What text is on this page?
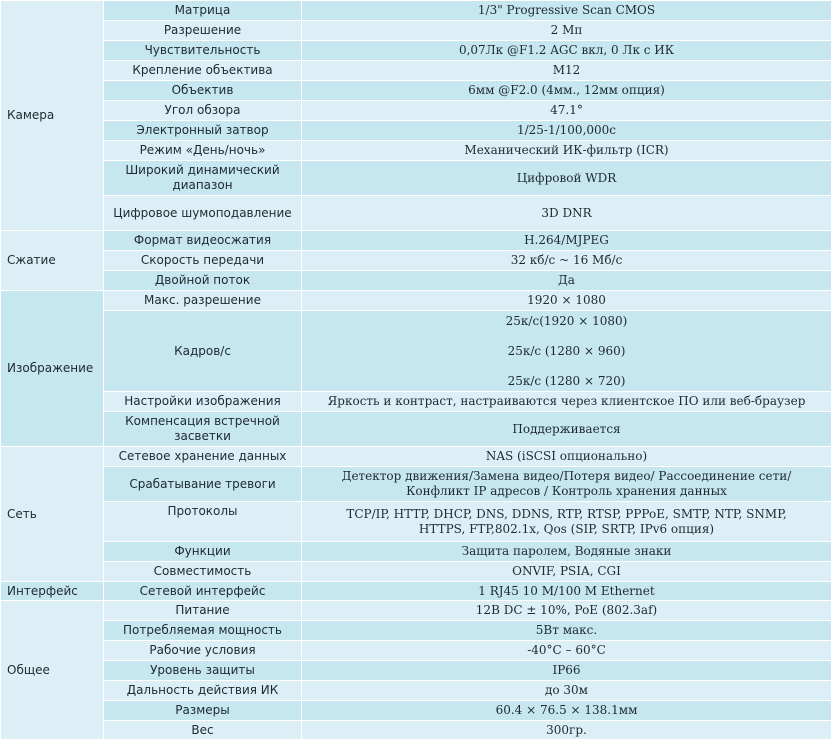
Камера	Матрица	1/3" Progressive Scan CMOS
	Разрешение	2 Мп
	Чувствительность	0,07Лк @F1.2 AGC вкл, 0 Лк с ИК
	Крепление объектива	M12
	Объектив	6мм @F2.0 (4мм., 12мм опция)
	Угол обзора	47.1°
	Электронный затвор	1/25-1/100,000с
	Режим «День/ночь»	Механический ИК-фильтр (ICR)
	Широкий динамический диапазон	Цифровой WDR
	Цифровое шумоподавление	3D DNR
Сжатие	Формат видеосжатия	H.264/MJPEG
	Скорость передачи	32 кб/с ~ 16 Мб/с
	Двойной поток	Да
Изображение	Макс. разрешение	1920 × 1080
	Кадров/с	25к/с(1920 × 1080)
25к/с (1280 × 960)
25к/с (1280 × 720)
	Настройки изображения	Яркость и контраст, настраиваются через клиентское ПО или веб-браузер
	Компенсация встречной засветки	Поддерживается
Сеть	Сетевое хранение данных	NAS (iSCSI опционально)
	Срабатывание тревоги	Детектор движения/Замена видео/Потеря видео/ Рассоединение сети/
Конфликт IP адресов / Контроль хранения данных
	Протоколы	TCP/IP, HTTP, DHCP, DNS, DDNS, RTP, RTSP, PPPoE, SMTP, NTP, SNMP,
HTTPS, FTP,802.1x, Qos (SIP, SRTP, IPv6 опция)
	Функции	Защита паролем, Водяные знаки
	Совместимость	ONVIF, PSIA, CGI
Интерфейс	Сетевой интерфейс	1 RJ45 10 M/100 M Ethernet
Общее	Питание	12В DC ± 10%, PoE (802.3af)
	Потребляемая мощность	5Вт макс.
	Рабочие условия	-40°C – 60°C
	Уровень защиты	IP66
	Дальность действия ИК	до 30м
	Размеры	60.4 × 76.5 × 138.1мм
	Вес	300гр.
